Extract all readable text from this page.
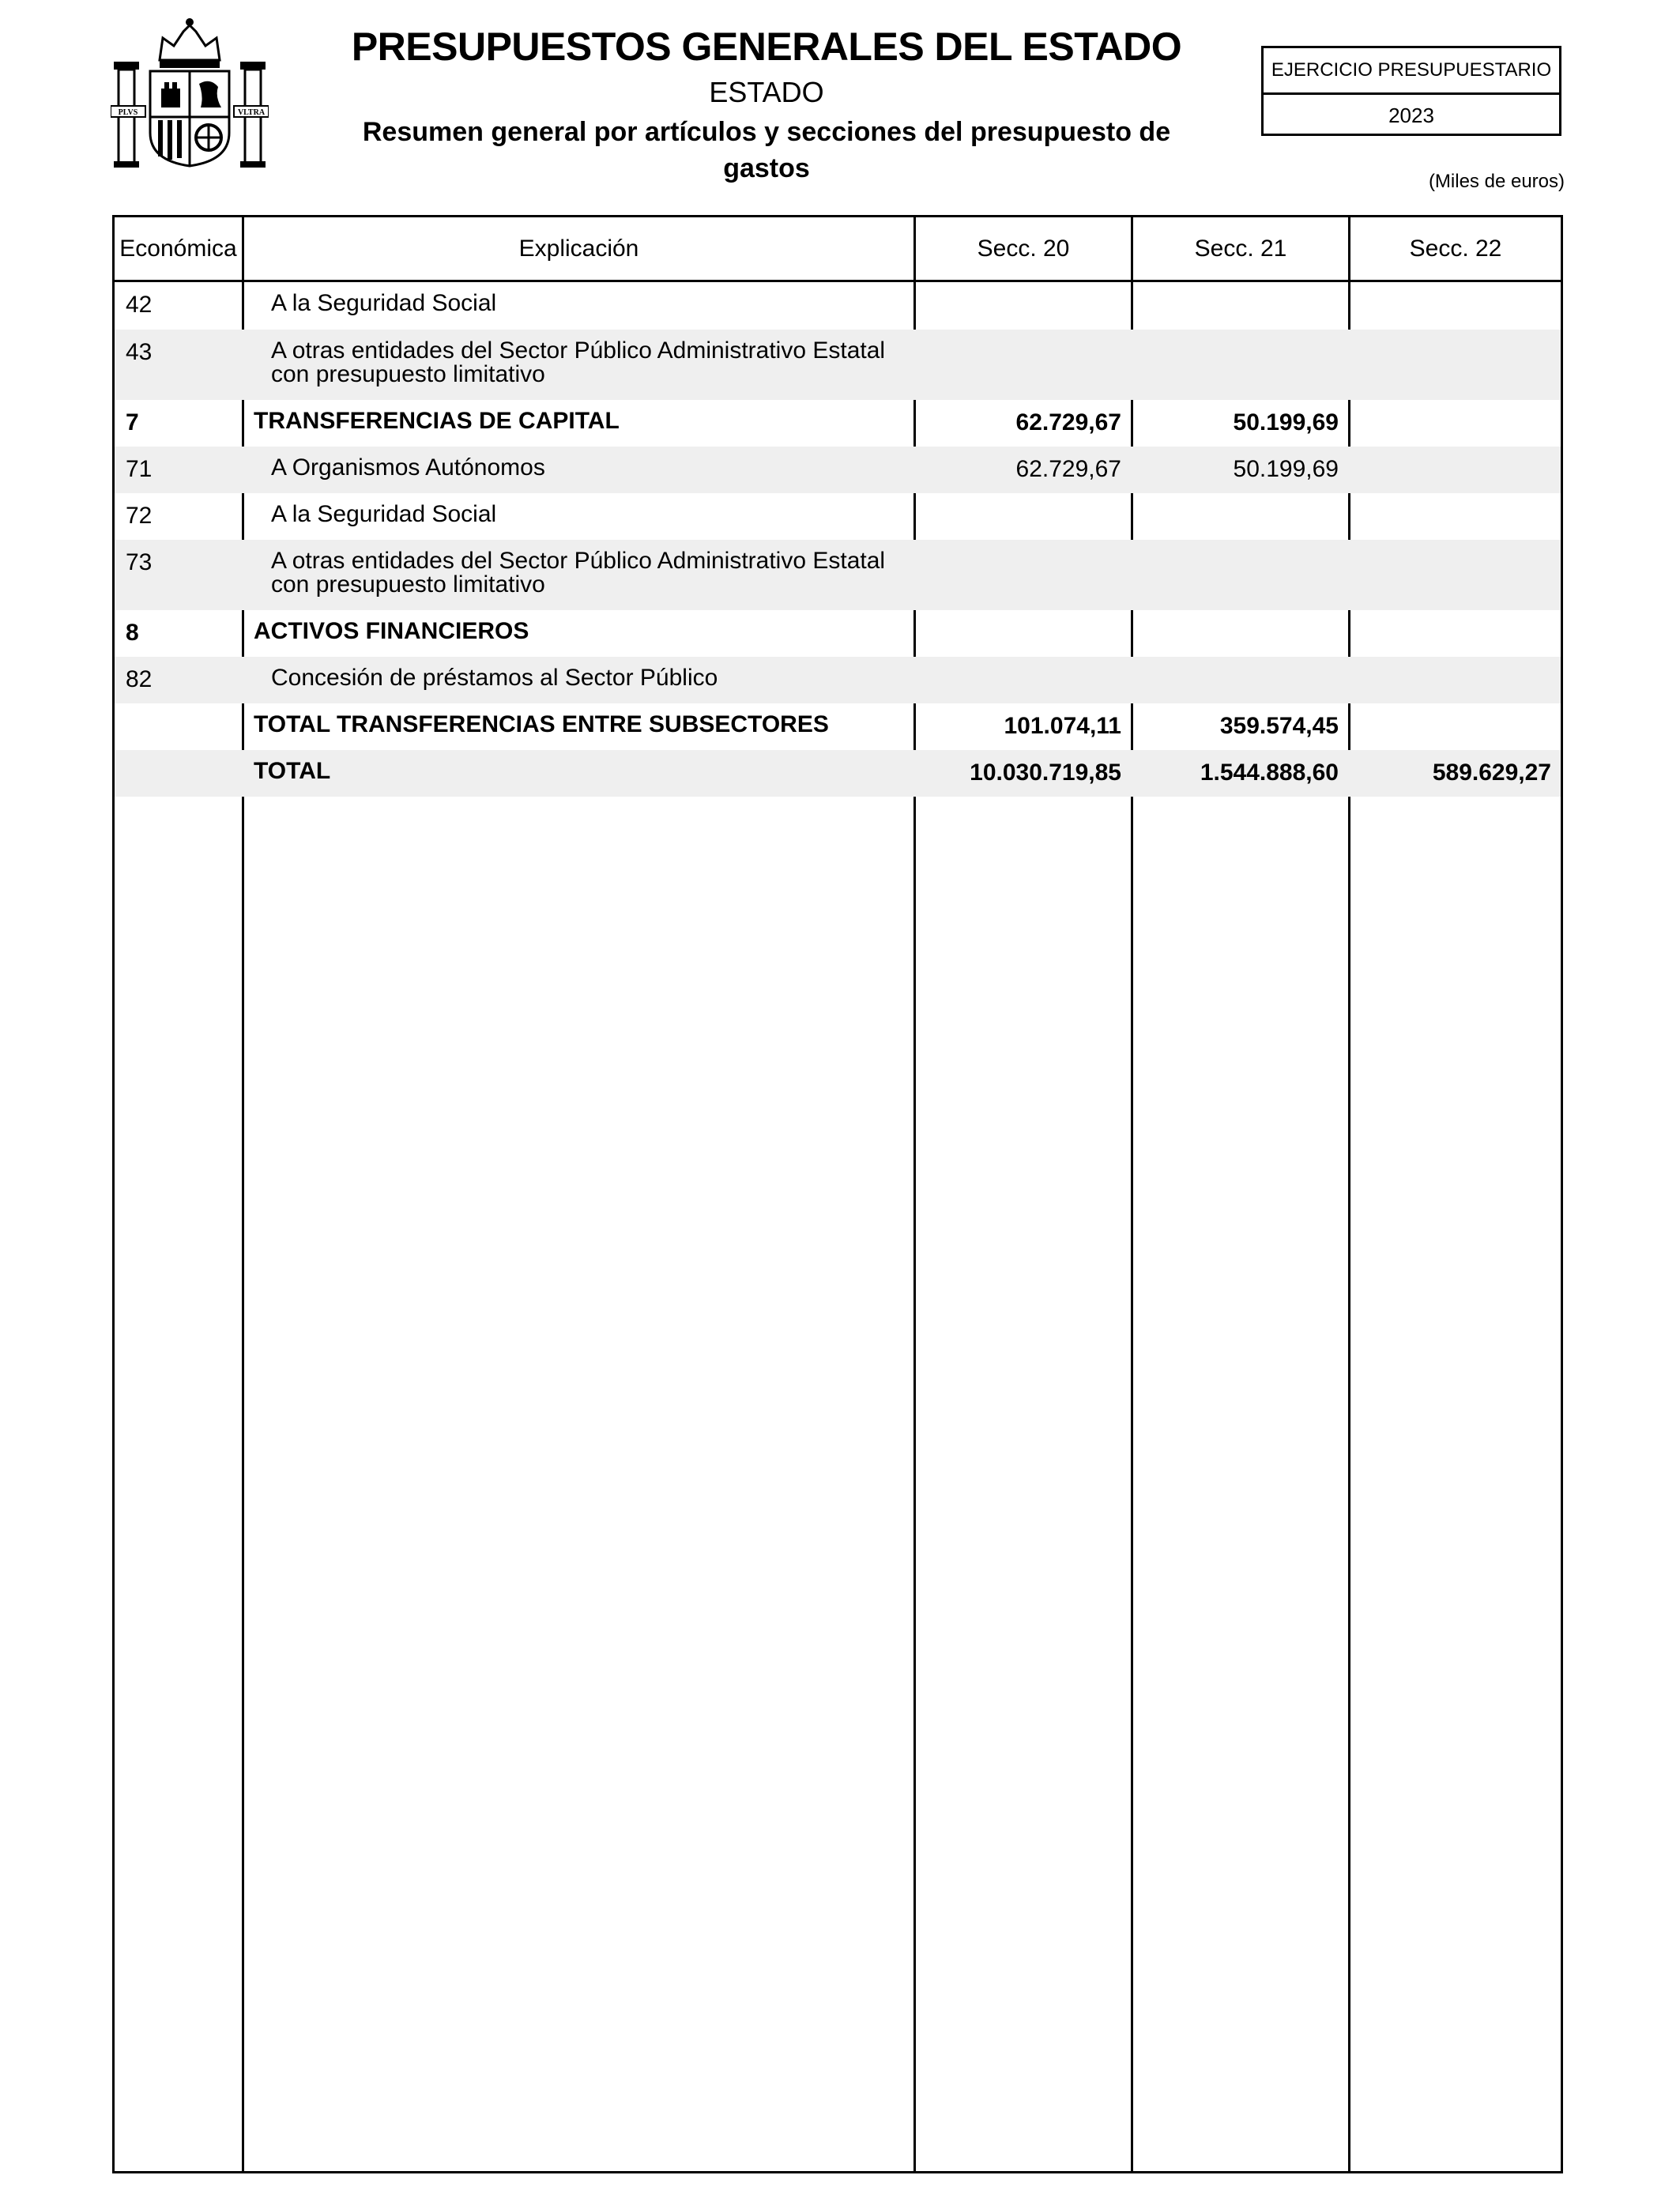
PLVS	VLTRA
PRESUPUESTOS GENERALES DEL ESTADO
ESTADO
Resumen general por artículos y secciones del presupuesto de gastos
EJERCICIO PRESUPUESTARIO
2023
(Miles de euros)
Económica	Explicación	Secc. 20	Secc. 21	Secc. 22
42	A la Seguridad Social
43	A otras entidades del Sector Público Administrativo Estatal con presupuesto limitativo
7	TRANSFERENCIAS DE CAPITAL	62.729,67	50.199,69
71	A Organismos Autónomos	62.729,67	50.199,69
72	A la Seguridad Social
73	A otras entidades del Sector Público Administrativo Estatal con presupuesto limitativo
8	ACTIVOS FINANCIEROS
82	Concesión de préstamos al Sector Público
TOTAL TRANSFERENCIAS ENTRE SUBSECTORES	101.074,11	359.574,45
TOTAL	10.030.719,85	1.544.888,60	589.629,27
